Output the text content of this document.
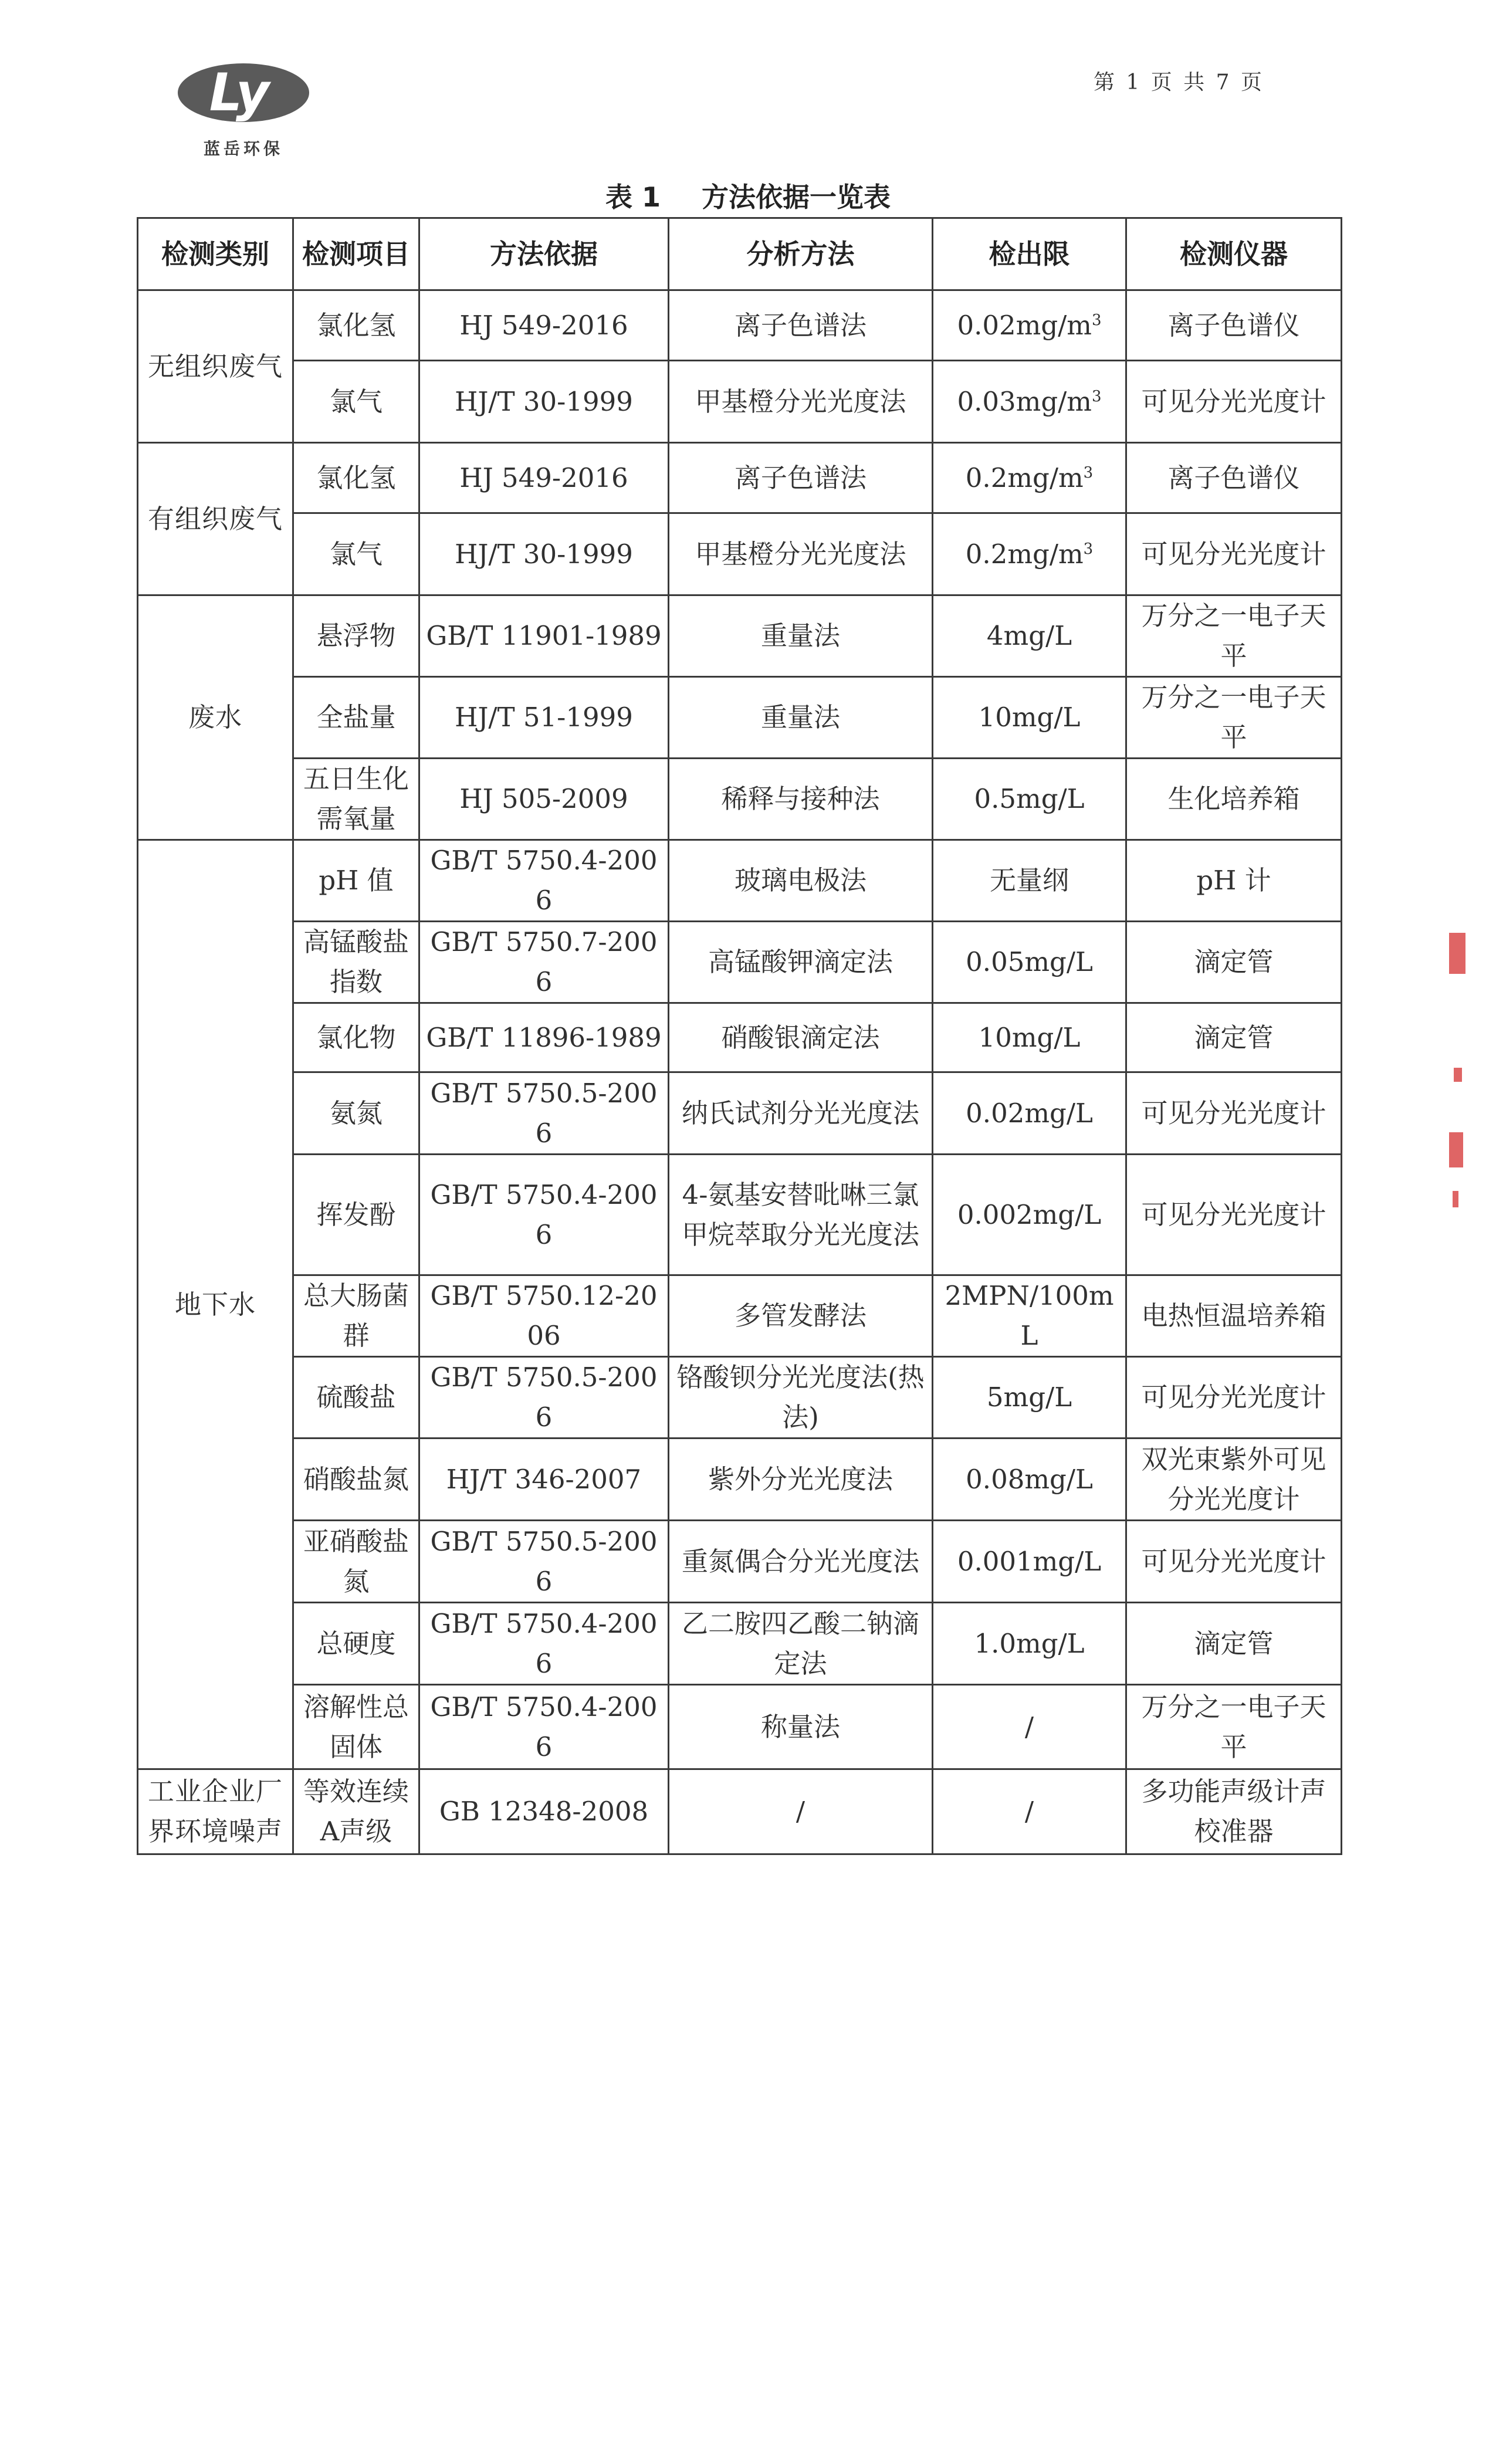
Ly
蓝岳环保
第 1 页 共 7 页
表 1 方法依据一览表
检测类别	检测项目	方法依据	分析方法	检出限	检测仪器
无组织废气	氯化氢	HJ 549-2016	离子色谱法	$0.02mg/m^3$	离子色谱仪
	氯气	HJ/T 30-1999	甲基橙分光光度法	$0.03mg/m^3$	可见分光光度计
有组织废气	氯化氢	HJ 549-2016	离子色谱法	$0.2mg/m^3$	离子色谱仪
	氯气	HJ/T 30-1999	甲基橙分光光度法	$0.2mg/m^3$	可见分光光度计
废水	悬浮物	GB/T 11901-1989	重量法	4mg/L	万分之一电子天平
	全盐量	HJ/T 51-1999	重量法	10mg/L	万分之一电子天平
	五日生化需氧量	HJ 505-2009	稀释与接种法	0.5mg/L	生化培养箱
地下水	pH 值	GB/T 5750.4-2006	玻璃电极法	无量纲	pH 计
	高锰酸盐指数	GB/T 5750.7-2006	高锰酸钾滴定法	0.05mg/L	滴定管
	氯化物	GB/T 11896-1989	硝酸银滴定法	10mg/L	滴定管
	氨氮	GB/T 5750.5-2006	纳氏试剂分光光度法	0.02mg/L	可见分光光度计
	挥发酚	GB/T 5750.4-2006	4-氨基安替吡啉三氯甲烷萃取分光光度法	0.002mg/L	可见分光光度计
	总大肠菌群	GB/T 5750.12-2006	多管发酵法	2MPN/100mL	电热恒温培养箱
	硫酸盐	GB/T 5750.5-2006	铬酸钡分光光度法(热法)	5mg/L	可见分光光度计
	硝酸盐氮	HJ/T 346-2007	紫外分光光度法	0.08mg/L	双光束紫外可见分光光度计
	亚硝酸盐氮	GB/T 5750.5-2006	重氮偶合分光光度法	0.001mg/L	可见分光光度计
	总硬度	GB/T 5750.4-2006	乙二胺四乙酸二钠滴定法	1.0mg/L	滴定管
	溶解性总固体	GB/T 5750.4-2006	称量法	/	万分之一电子天平
工业企业厂界环境噪声	等效连续A声级	GB 12348-2008	/	/	多功能声级计声校准器
